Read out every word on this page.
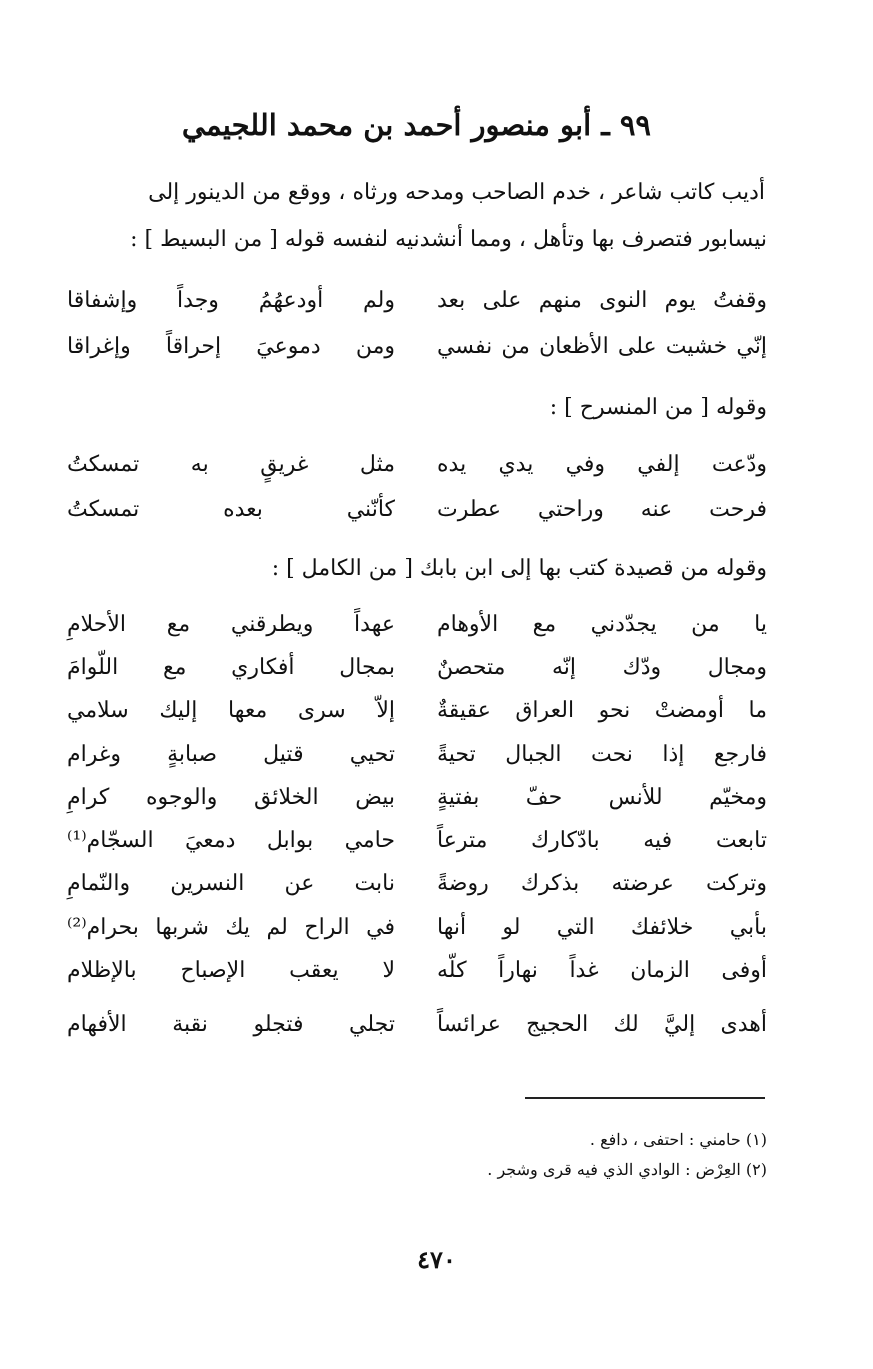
٩٩ ـ أبو منصور أحمد بن محمد اللجيمي
أديب كاتب شاعر ، خدم الصاحب ومدحه ورثاه ، ووقع من الدينور إلى
نيسابور فتصرف بها وتأهل ، ومما أنشدنيه لنفسه قوله [ من البسيط ] :
وقفتُ يوم النوى منهم على بعد
ولم أودعهُمُ وجداً وإشفاقا
إنّي خشيت على الأظعان من نفسي
ومن دموعيَ إحراقاً وإغراقا
وقوله [ من المنسرح ] :
ودّعت إلفي وفي يدي يده
مثل غريقٍ به تمسكتُ
فرحت عنه وراحتي عطرت
كأنّني بعده تمسكتُ
وقوله من قصيدة كتب بها إلى ابن بابك [ من الكامل ] :
يا من يجدّدني مع الأوهام
عهداً ويطرقني مع الأحلامِ
ومجال ودّك إنّه متحصنٌ
بمجال أفكاري مع اللّوامَ
ما أومضتْ نحو العراق عقيقةٌ
إلاّ سرى معها إليك سلامي
فارجع إذا نحت الجبال تحيةً
تحيي قتيل صبابةٍ وغرام
ومخيّم للأنس حفّ بفتيةٍ
بيض الخلائق والوجوه كرامِ
تابعت فيه بادّكارك مترعاً
حامي بوابل دمعيَ السجّام⁽¹⁾
وتركت عرضته بذكرك روضةً
نابت عن النسرين والنّمامِ
بأبي خلائفك التي لو أنها
في الراح لم يك شربها بحرام⁽²⁾
أوفى الزمان غداً نهاراً كلّه
لا يعقب الإصباح بالإظلام
أهدى إليَّ لك الحجيج عرائساً
تجلي فتجلو نقبة الأفهام
(١) حامني : احتفى ، دافع .
(٢) العِرْض : الوادي الذي فيه قرى وشجر .
٤٧٠
